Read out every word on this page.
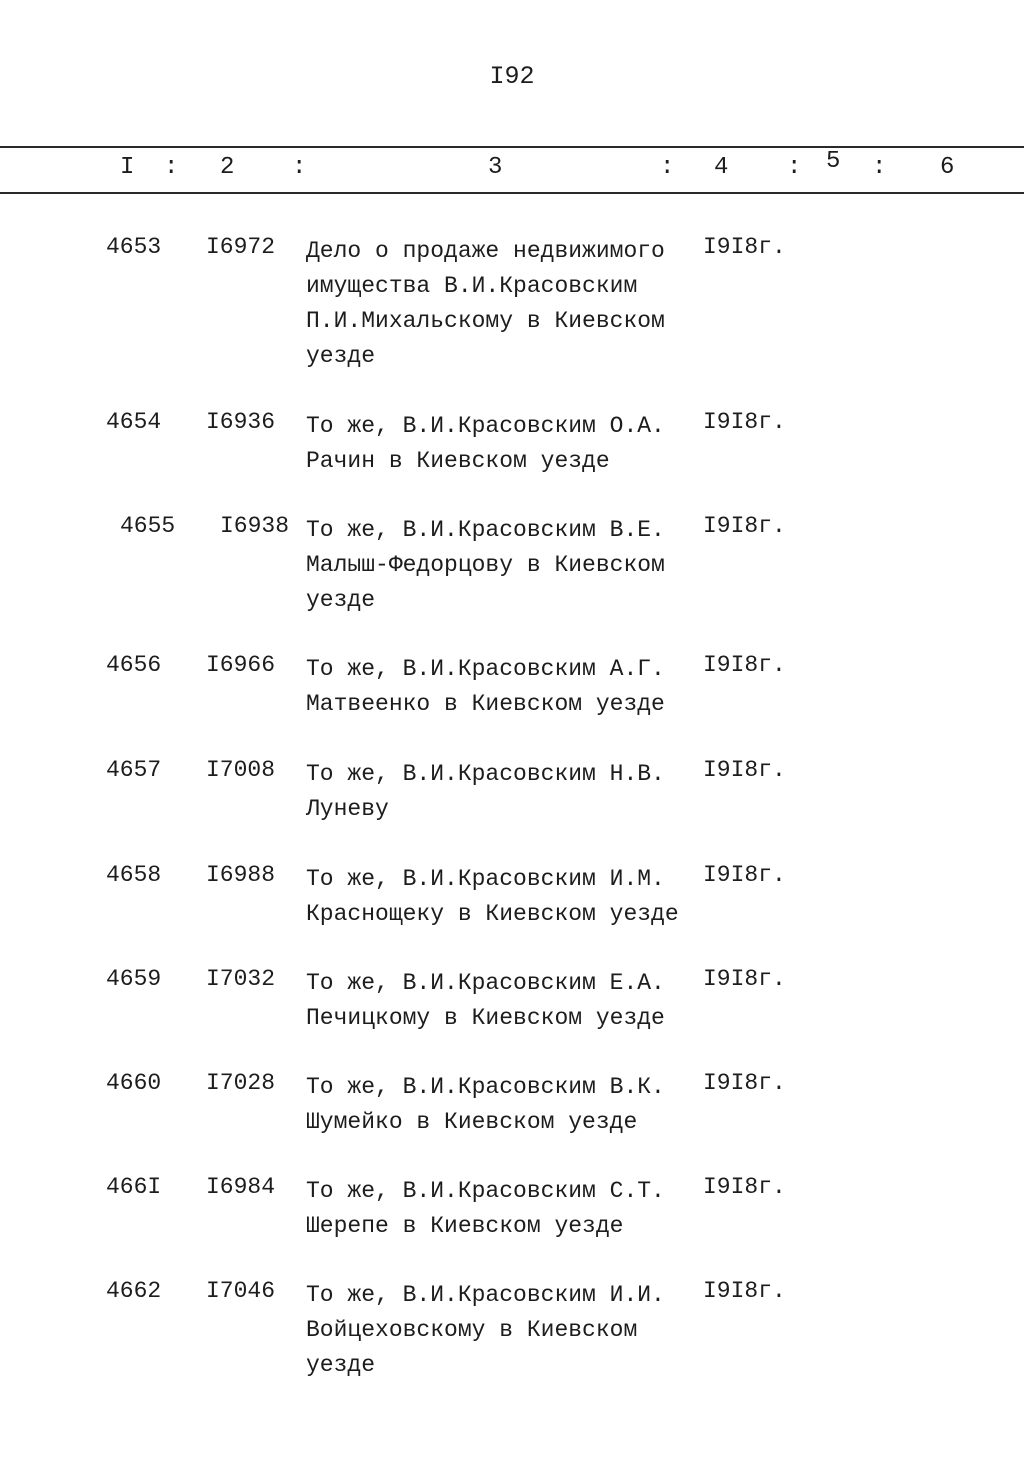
I92
I : 2 :	3	: 4 : 5 : 6
4653 I6972 Дело о продаже недвижимого
имущества В.И.Красовским
П.И.Михальскому в Киевском
уезде
I9I8г.
4654 I6936 То же, В.И.Красовским О.А.
Рачин в Киевском уезде
I9I8г.
4655 I6938 То же, В.И.Красовским В.Е.
Малыш-Федорцову в Киевском
уезде
I9I8г.
4656 I6966 То же, В.И.Красовским А.Г.
Матвеенко в Киевском уезде
I9I8г.
4657 I7008 То же, В.И.Красовским Н.В.
Луневу
I9I8г.
4658 I6988 То же, В.И.Красовским И.М.
Краснощеку в Киевском уезде
I9I8г.
4659 I7032 То же, В.И.Красовским Е.А.
Печицкому в Киевском уезде
I9I8г.
4660 I7028 То же, В.И.Красовским В.К.
Шумейко в Киевском уезде
I9I8г.
466I I6984 То же, В.И.Красовским С.Т.
Шерепе в Киевском уезде
I9I8г.
4662 I7046 То же, В.И.Красовским И.И.
Войцеховскому в Киевском
уезде
I9I8г.
